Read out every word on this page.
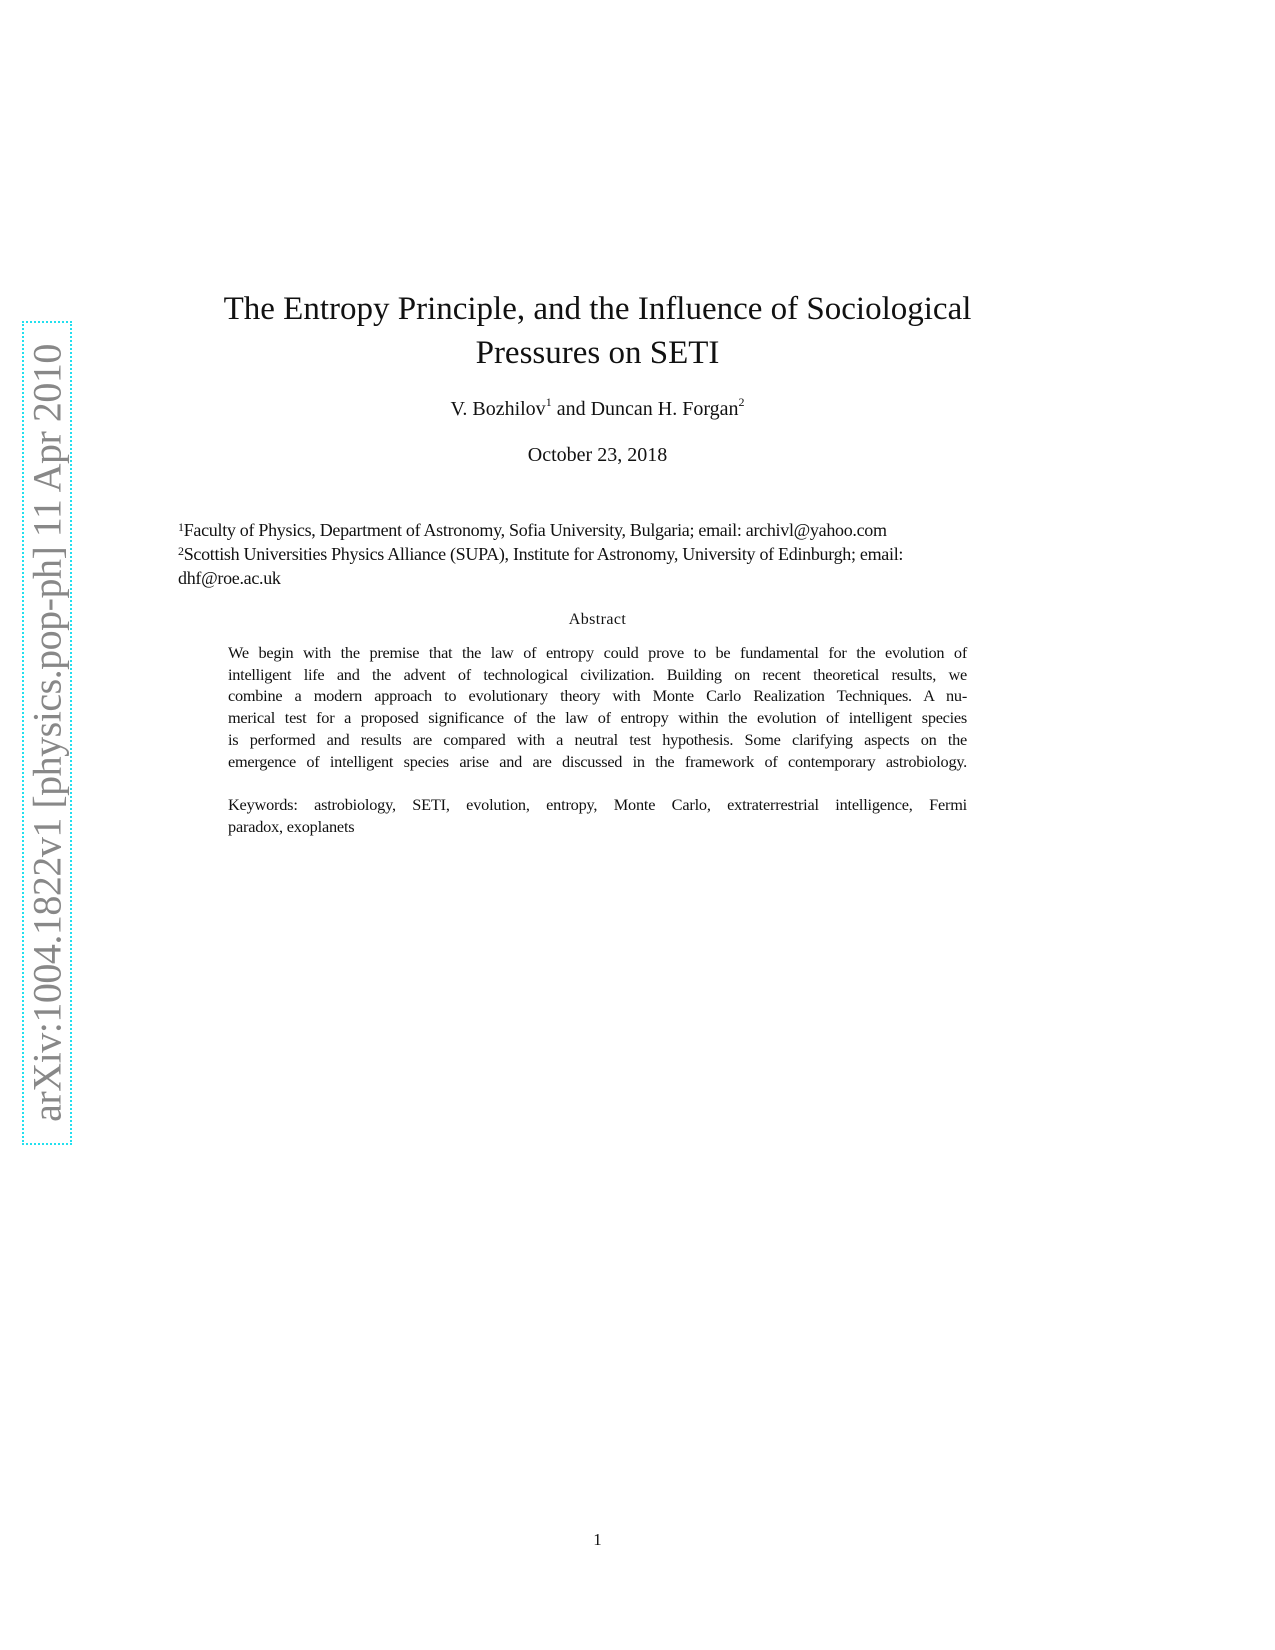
arXiv:1004.1822v1 [physics.pop-ph] 11 Apr 2010
The Entropy Principle, and the Influence of Sociological
Pressures on SETI
V. Bozhilov$^1$ and Duncan H. Forgan$^2$
October 23, 2018
$^1$Faculty of Physics, Department of Astronomy, Sofia University, Bulgaria; email: archivl@yahoo.com
$^2$Scottish Universities Physics Alliance (SUPA), Institute for Astronomy, University of Edinburgh; email:
dhf@roe.ac.uk
Abstract
We begin with the premise that the law of entropy could prove to be fundamental for the evolution of
intelligent life and the advent of technological civilization. Building on recent theoretical results, we
combine a modern approach to evolutionary theory with Monte Carlo Realization Techniques. A nu-
merical test for a proposed significance of the law of entropy within the evolution of intelligent species
is performed and results are compared with a neutral test hypothesis. Some clarifying aspects on the
emergence of intelligent species arise and are discussed in the framework of contemporary astrobiology.
Keywords: astrobiology, SETI, evolution, entropy, Monte Carlo, extraterrestrial intelligence, Fermi
paradox, exoplanets
1
